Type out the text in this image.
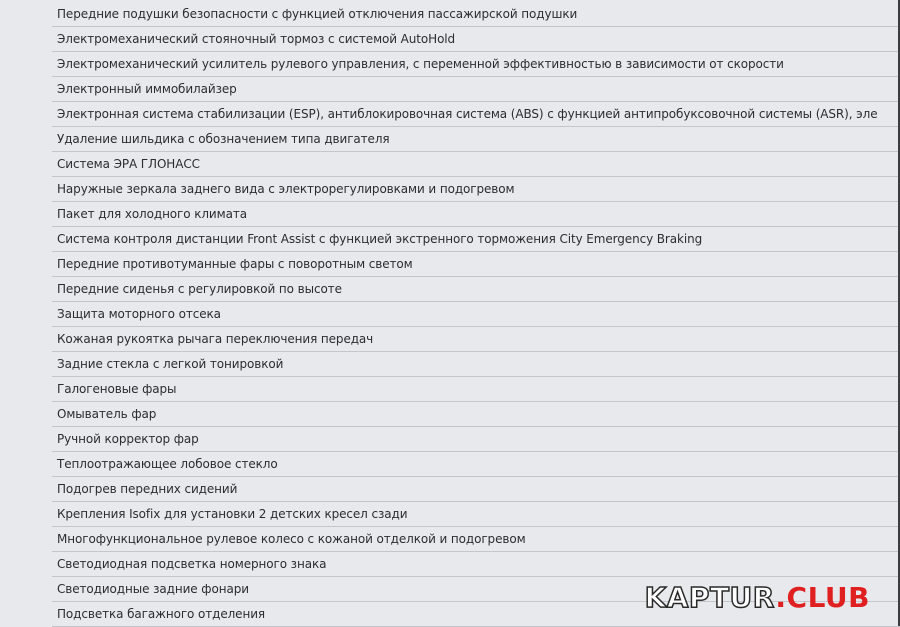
Передние подушки безопасности с функцией отключения пассажирской подушки
Электромеханический стояночный тормоз с системой AutoHold
Электромеханический усилитель рулевого управления, с переменной эффективностью в зависимости от скорости
Электронный иммобилайзер
Электронная система стабилизации (ESP), антиблокировочная система (ABS) с функцией антипробуксовочной системы (ASR), эле
Удаление шильдика с обозначением типа двигателя
Система ЭРА ГЛОНАСС
Наружные зеркала заднего вида с электрорегулировками и подогревом
Пакет для холодного климата
Система контроля дистанции Front Assist с функцией экстренного торможения City Emergency Braking
Передние противотуманные фары с поворотным светом
Передние сиденья с регулировкой по высоте
Защита моторного отсека
Кожаная рукоятка рычага переключения передач
Задние стекла с легкой тонировкой
Галогеновые фары
Омыватель фар
Ручной корректор фар
Теплоотражающее лобовое стекло
Подогрев передних сидений
Крепления Isofix для установки 2 детских кресел сзади
Многофункциональное рулевое колесо с кожаной отделкой и подогревом
Светодиодная подсветка номерного знака
Светодиодные задние фонари
Подсветка багажного отделения	KAPTUR.CLUB
